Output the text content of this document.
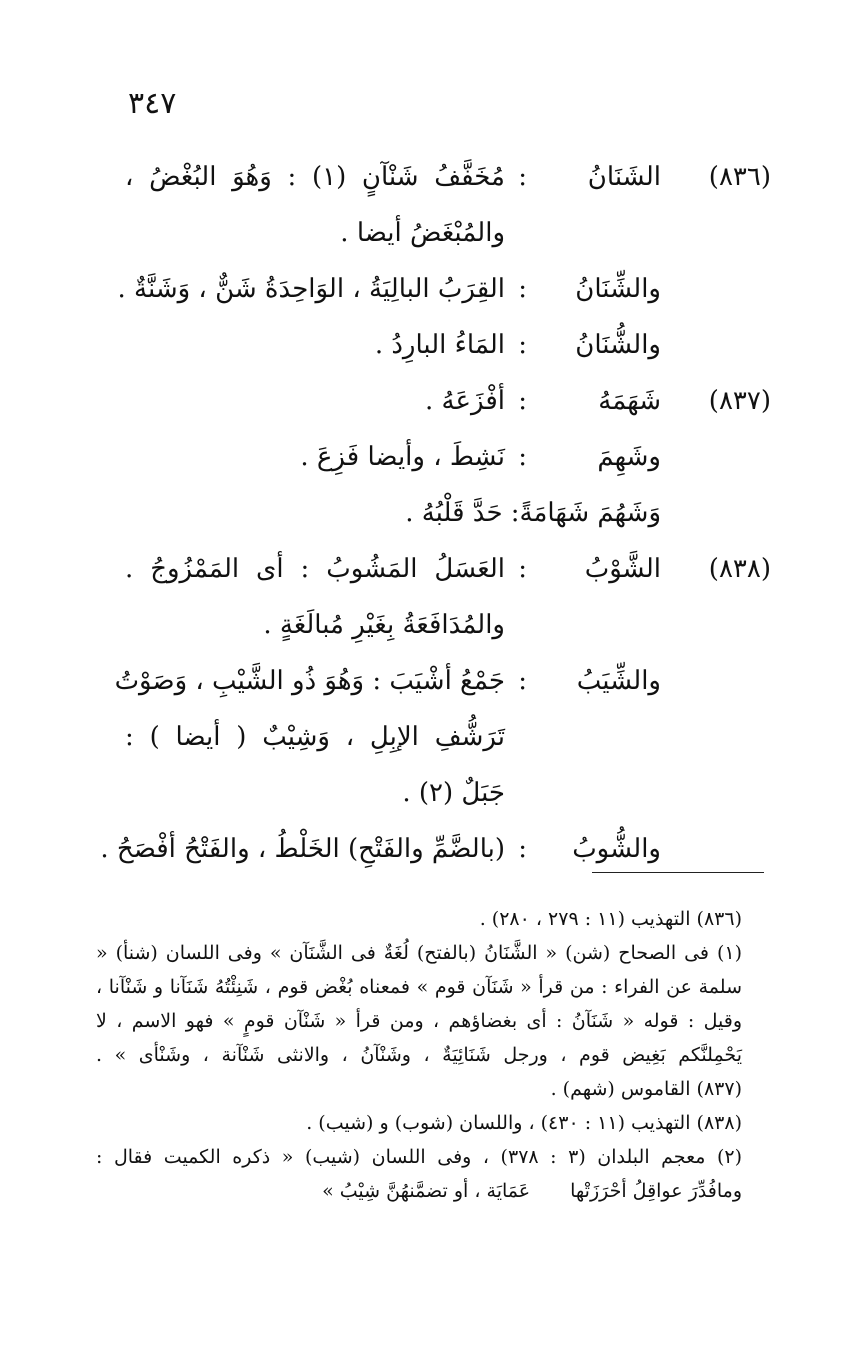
٣٤٧
(٨٣٦)
الشَنَانُ
:
مُخَفَّفُ شَنْآنٍ (١) : وَهُوَ البُغْضُ ،
والمُبْغَضُ أيضا .
والشِّنَانُ
:
القِرَبُ البالِيَةُ ، الوَاحِدَةُ شَنٌّ ، وَشَنَّةٌ .
والشُّنَانُ
:
المَاءُ البارِدُ .
(٨٣٧)
شَهَمَهُ
:
أفْزَعَهُ .
وشَهِمَ
:
نَشِطَ ، وأيضا فَزِعَ .
وَشَهُمَ شَهَامَةً: حَدَّ قَلْبُهُ .
(٨٣٨)
الشَّوْبُ
:
العَسَلُ المَشُوبُ : أى المَمْزُوجُ .
والمُدَافَعَةُ بِغَيْرِ مُبالَغَةٍ .
والشِّيَبُ
:
جَمْعُ أشْيَبَ : وَهُوَ ذُو الشَّيْبِ ، وَصَوْتُ
تَرَشُّفِ الإبِلِ ، وَشِيْبٌ ( أيضا ) :
جَبَلٌ (٢) .
والشُّوبُ
:
(بالضَّمِّ والفَتْحِ) الخَلْطُ ، والفَتْحُ أفْصَحُ .
(٨٣٦) التهذيب (١١ : ٢٧٩ ، ٢٨٠) .
(١) فى الصحاح (شن) « الشَّنَانُ (بالفتح) لُغَةٌ فى الشَّنَآن » وفى اللسان (شنأ) « سلمة عن الفراء : من قرأ « شَنَآن قوم » فمعناه بُغْض قوم ، شَنِئْتُهُ شَنَآنا و شَنْآنا ، وقيل : قوله « شَنَآنُ : أى بغضاؤهم ، ومن قرأ « شَنْآن قومٍ » فهو الاسم ، لا يَحْمِلنَّكم بَغِيض قوم ، ورجل شَنَائِيَةٌ ، وشَنْآنُ ، والانثى شَنْآنة ، وشَنْأى » .
(٨٣٧) القاموس (شهم) .
(٨٣٨) التهذيب (١١ : ٤٣٠) ، واللسان (شوب) و (شيب) .
(٢) معجم البلدان (٣ : ٣٧٨) ، وفى اللسان (شيب) « ذكره الكميت فقال :
ومافُدِّرَ عواقِلُ أحْرَزَتْهاعَمَايَة ، أو تضمَّنهُنَّ شِيْبُ »
